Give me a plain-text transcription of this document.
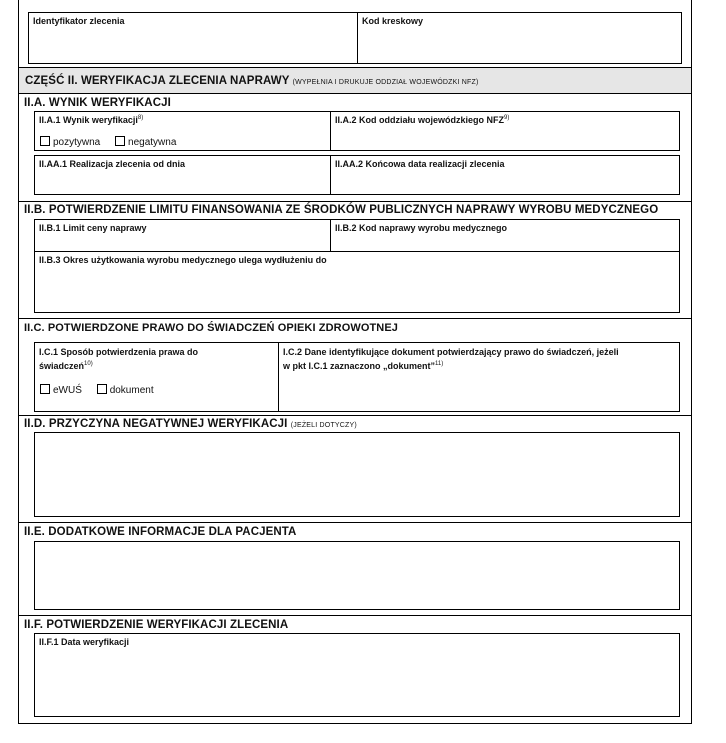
Identyfikator zlecenia	Kod kreskowy
CZĘŚĆ II. WERYFIKACJA ZLECENIA NAPRAWY (WYPEŁNIA I DRUKUJE ODDZIAŁ WOJEWÓDZKI NFZ)
II.A. WYNIK WERYFIKACJI
II.A.1 Wynik weryfikacji$^{8)}$
pozytywna	negatywna
II.A.2 Kod oddziału wojewódzkiego NFZ$^{9)}$
II.AA.1 Realizacja zlecenia od dnia	II.AA.2 Końcowa data realizacji zlecenia
II.B. POTWIERDZENIE LIMITU FINANSOWANIA ZE ŚRODKÓW PUBLICZNYCH NAPRAWY WYROBU MEDYCZNEGO
II.B.1 Limit ceny naprawy	II.B.2 Kod naprawy wyrobu medycznego
II.B.3 Okres użytkowania wyrobu medycznego ulega wydłużeniu do
II.C. POTWIERDZONE PRAWO DO ŚWIADCZEŃ OPIEKI ZDROWOTNEJ
I.C.1 Sposób potwierdzenia prawa do
świadczeń$^{10)}$
eWUŚ	dokument
I.C.2 Dane identyfikujące dokument potwierdzający prawo do świadczeń, jeżeli
w pkt I.C.1 zaznaczono „dokument”$^{11)}$
II.D. PRZYCZYNA NEGATYWNEJ WERYFIKACJI (JEŻELI DOTYCZY)
II.E. DODATKOWE INFORMACJE DLA PACJENTA
II.F. POTWIERDZENIE WERYFIKACJI ZLECENIA
II.F.1 Data weryfikacji
